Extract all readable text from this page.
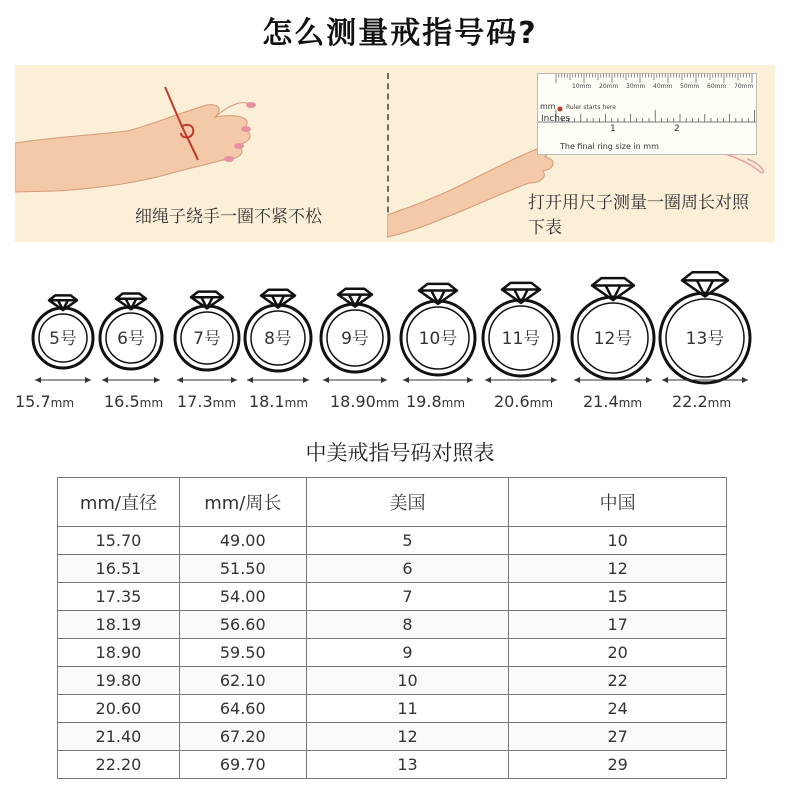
怎么测量戒指号码?
细绳子绕手一圈不紧不松
mm
Inches
Ruler starts here
10mm 20mm 30mm 40mm 50mm 60mm 70mm
1	2
The final ring size in mm
打开用尺子测量一圈周长对照下表
5号 6号	7号	8号	9号	10号	11号	12号	13号
15.7mm 16.5mm 17.3mm 18.1mm 18.90mm 19.8mm 20.6mm 21.4mm 22.2mm
中美戒指号码对照表
mm/直径	mm/周长	美国	中国
15.70	49.00	5	10
16.51	51.50	6	12
17.35	54.00	7	15
18.19	56.60	8	17
18.90	59.50	9	20
19.80	62.10	10	22
20.60	64.60	11	24
21.40	67.20	12	27
22.20	69.70	13	29
